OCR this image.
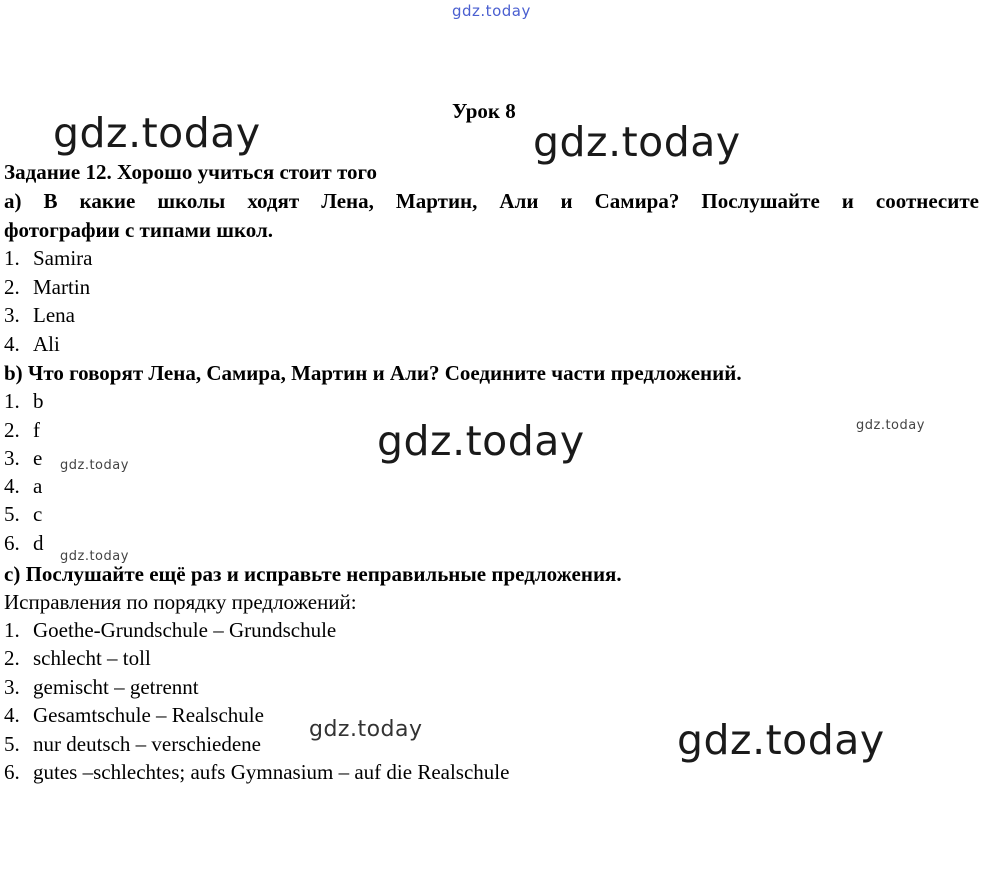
gdz.today
gdz.today	gdz.today
gdz.today	gdz.today
gdz.today
gdz.today
gdz.today	gdz.today
Урок 8
Задание 12. Хорошо учиться стоит того
a) В какие школы ходят Лена, Мартин, Али и Самира? Послушайте и соотнесите
фотографии с типами школ.
1. Samira
2. Martin
3. Lena
4. Ali
b) Что говорят Лена, Самира, Мартин и Али? Соедините части предложений.
1. b
2. f
3. e
4. a
5. c
6. d
c) Послушайте ещё раз и исправьте неправильные предложения.
Исправления по порядку предложений:
1. Goethe-Grundschule – Grundschule
2. schlecht – toll
3. gemischt – getrennt
4. Gesamtschule – Realschule
5. nur deutsch – verschiedene
6. gutes –schlechtes; aufs Gymnasium – auf die Realschule
